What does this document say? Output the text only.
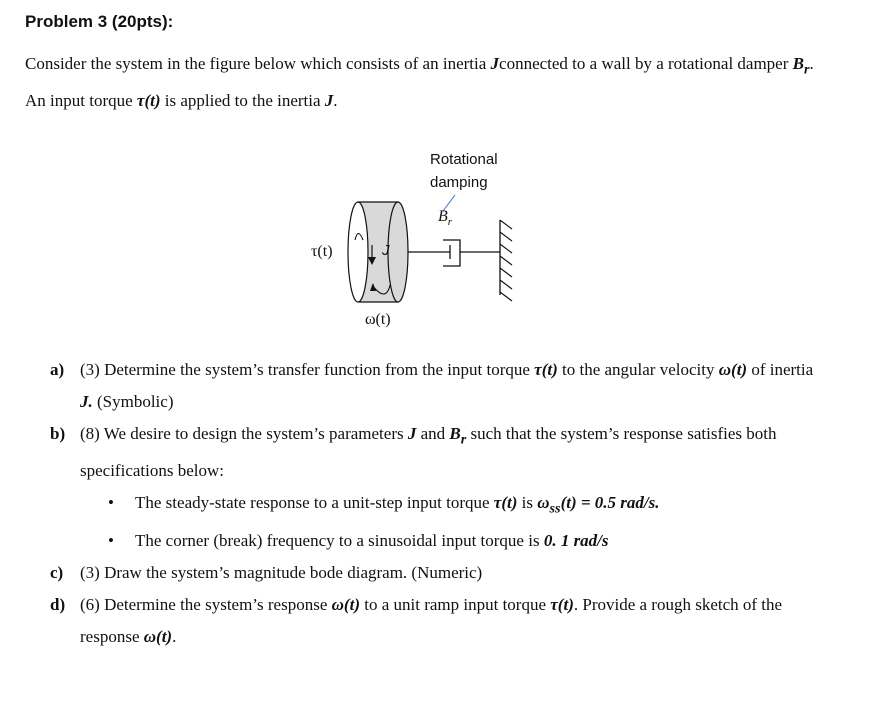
Problem 3 (20pts):
Consider the system in the figure below which consists of an inertia Jconnected to a wall by a rotational damper $B_r$. An input torque τ(t) is applied to the inertia J.
Rotational
damping
$B_r$
τ(t)	J
ω(t)
a) (3) Determine the system’s transfer function from the input torque τ(t) to the angular velocity ω(t) of inertia J. (Symbolic)
b) (8) We desire to design the system’s parameters J and $B_r$ such that the system’s response satisfies both specifications below:
• The steady-state response to a unit-step input torque τ(t) is $\omega_{ss}(t) = 0.5$ rad/s.
• The corner (break) frequency to a sinusoidal input torque is 0. 1 rad/s
c) (3) Draw the system’s magnitude bode diagram. (Numeric)
d) (6) Determine the system’s response ω(t) to a unit ramp input torque τ(t). Provide a rough sketch of the response ω(t).
